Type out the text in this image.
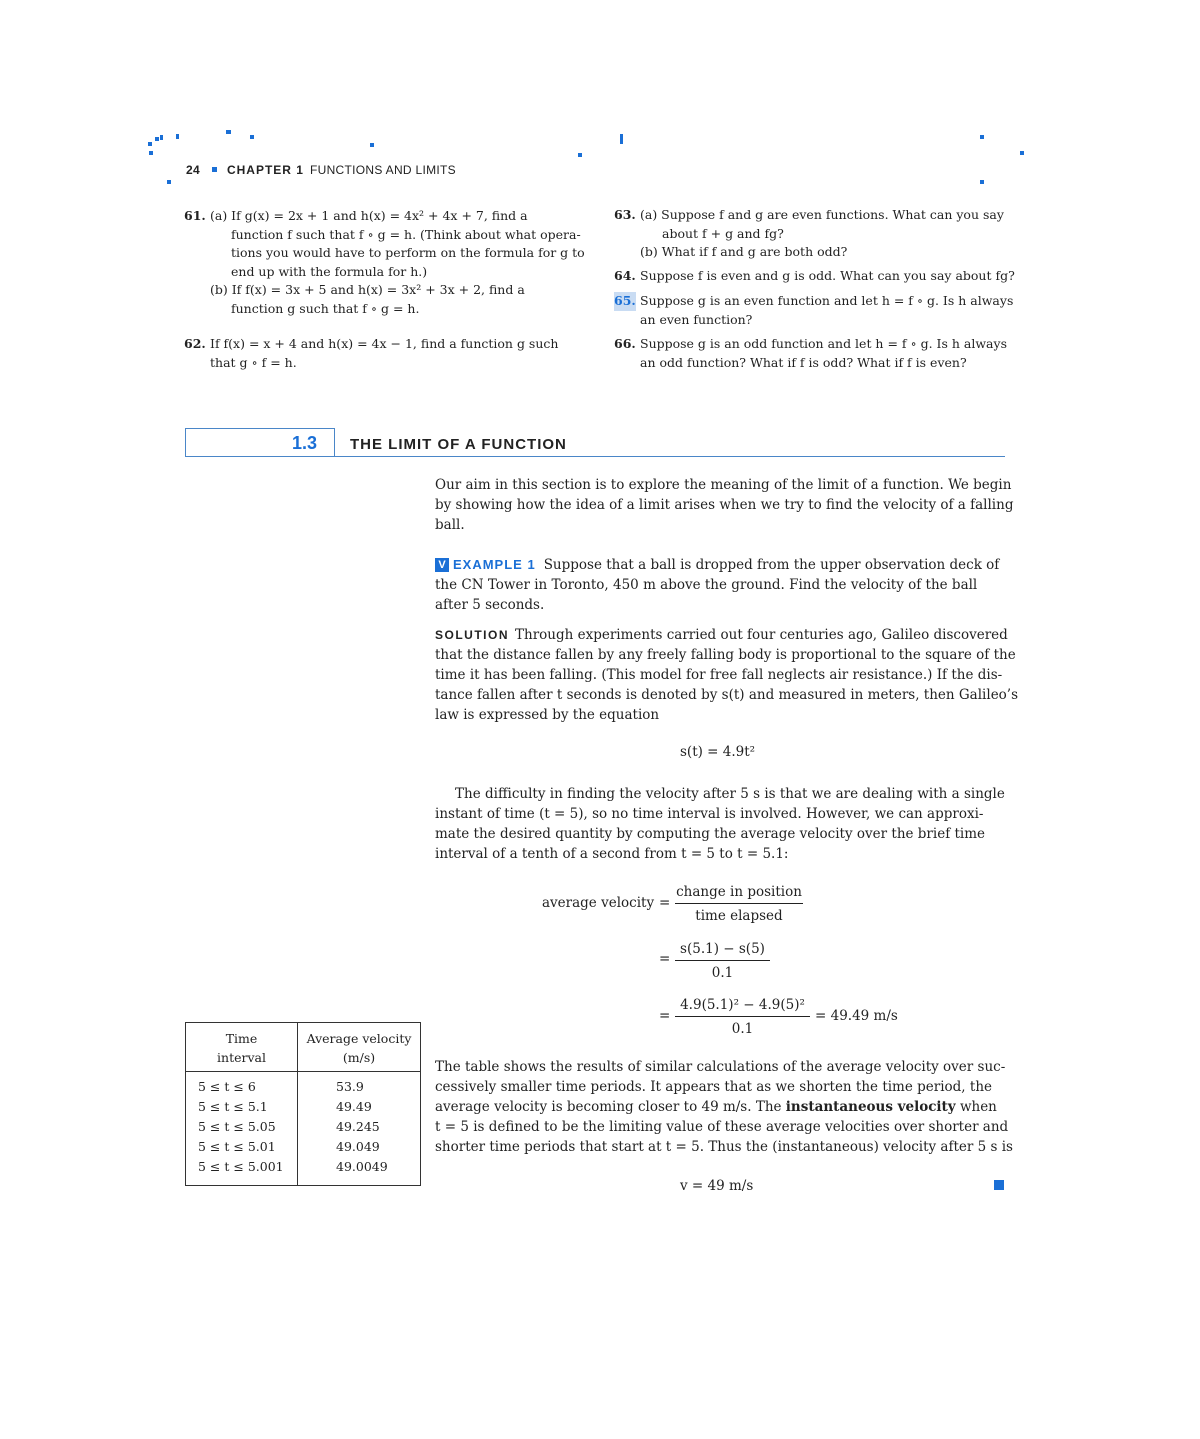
24 CHAPTER 1 FUNCTIONS AND LIMITS
61. (a) If g(x) = 2x + 1 and h(x) = 4x² + 4x + 7, find a
function f such that f ∘ g = h. (Think about what opera-
tions you would have to perform on the formula for g to
end up with the formula for h.)
(b) If f(x) = 3x + 5 and h(x) = 3x² + 3x + 2, find a
function g such that f ∘ g = h.
62. If f(x) = x + 4 and h(x) = 4x − 1, find a function g such
that g ∘ f = h.
63. (a) Suppose f and g are even functions. What can you say
about f + g and fg?
(b) What if f and g are both odd?
64. Suppose f is even and g is odd. What can you say about fg?
65. Suppose g is an even function and let h = f ∘ g. Is h always
an even function?
66. Suppose g is an odd function and let h = f ∘ g. Is h always
an odd function? What if f is odd? What if f is even?
1.3 THE LIMIT OF A FUNCTION
Our aim in this section is to explore the meaning of the limit of a function. We begin
by showing how the idea of a limit arises when we try to find the velocity of a falling
ball.
V EXAMPLE 1 Suppose that a ball is dropped from the upper observation deck of
the CN Tower in Toronto, 450 m above the ground. Find the velocity of the ball
after 5 seconds.
SOLUTION Through experiments carried out four centuries ago, Galileo discovered
that the distance fallen by any freely falling body is proportional to the square of the
time it has been falling. (This model for free fall neglects air resistance.) If the dis-
tance fallen after t seconds is denoted by s(t) and measured in meters, then Galileo’s
law is expressed by the equation
s(t) = 4.9t²
The difficulty in finding the velocity after 5 s is that we are dealing with a single
instant of time (t = 5), so no time interval is involved. However, we can approxi-
mate the desired quantity by computing the average velocity over the brief time
interval of a tenth of a second from t = 5 to t = 5.1:
average velocity =
change in position
time elapsed
=
s(5.1) − s(5)
0.1
=
4.9(5.1)² − 4.9(5)²
0.1
= 49.49 m/s
Time
interval	Average velocity
(m/s)
5 ≤ t ≤ 6	53.9
5 ≤ t ≤ 5.1	49.49
5 ≤ t ≤ 5.05	49.245
5 ≤ t ≤ 5.01	49.049
5 ≤ t ≤ 5.001	49.0049
The table shows the results of similar calculations of the average velocity over suc-
cessively smaller time periods. It appears that as we shorten the time period, the
average velocity is becoming closer to 49 m/s. The instantaneous velocity when
t = 5 is defined to be the limiting value of these average velocities over shorter and
shorter time periods that start at t = 5. Thus the (instantaneous) velocity after 5 s is
v = 49 m/s
